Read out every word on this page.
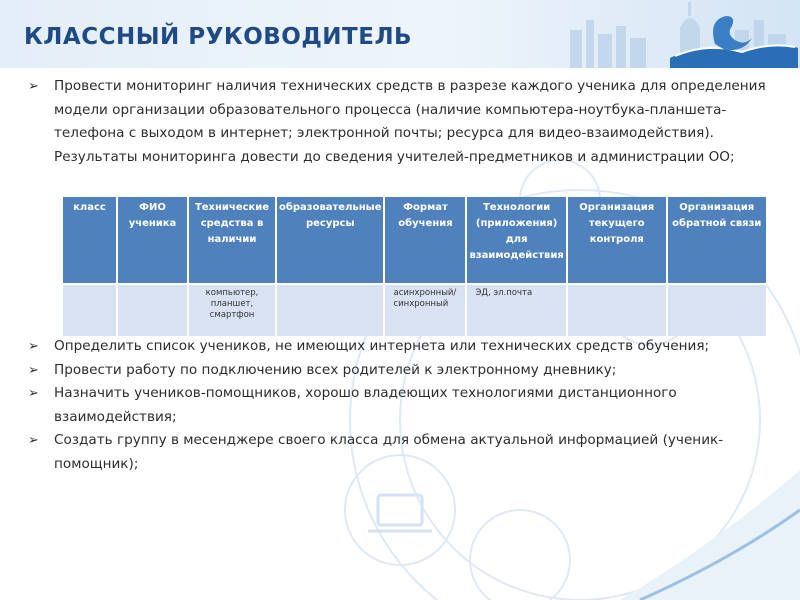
КЛАССНЫЙ РУКОВОДИТЕЛЬ
➢ Провести мониторинг наличия технических средств в разрезе каждого ученика для определения модели организации образовательного процесса (наличие компьютера-ноутбука-планшета-телефона с выходом в интернет; электронной почты; ресурса для видео-взаимодействия). Результаты мониторинга довести до сведения учителей-предметников и администрации ОО;
класс	ФИО ученика	Технические средства в наличии	образовательные ресурсы	Формат обучения	Технологии (приложения) для взаимодействия	Организация текущего контроля	Организация обратной связи
		компьютер, планшет, смартфон		асинхронный/ синхронный	ЭД, эл.почта		
➢ Определить список учеников, не имеющих интернета или технических средств обучения;
➢ Провести работу по подключению всех родителей к электронному дневнику;
➢ Назначить учеников-помощников, хорошо владеющих технологиями дистанционного взаимодействия;
➢ Создать группу в месенджере своего класса для обмена актуальной информацией (ученик-помощник);
